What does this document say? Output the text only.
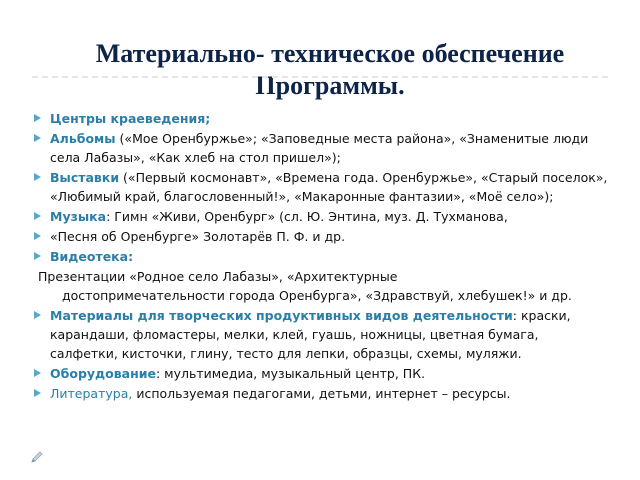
Материально- техническое обеспечение Программы.
Центры краеведения;
Альбомы («Мое Оренбуржье»; «Заповедные места района», «Знаменитые люди села Лабазы», «Как хлеб на стол пришел»);
Выставки («Первый космонавт», «Времена года. Оренбуржье», «Старый поселок», «Любимый край, благословенный!», «Макаронные фантазии», «Моё село»);
Музыка: Гимн «Живи, Оренбург» (сл. Ю. Энтина, муз. Д. Тухманова,
«Песня об Оренбурге» Золотарёв П. Ф. и др.
Видеотека:
Презентации «Родное село Лабазы», «Архитектурные
достопримечательности города Оренбурга», «Здравствуй, хлебушек!» и др.
Материалы для творческих продуктивных видов деятельности: краски, карандаши, фломастеры, мелки, клей, гуашь, ножницы, цветная бумага, салфетки, кисточки, глину, тесто для лепки, образцы, схемы, муляжи.
Оборудование: мультимедиа, музыкальный центр, ПК.
Литература, используемая педагогами, детьми, интернет – ресурсы.
